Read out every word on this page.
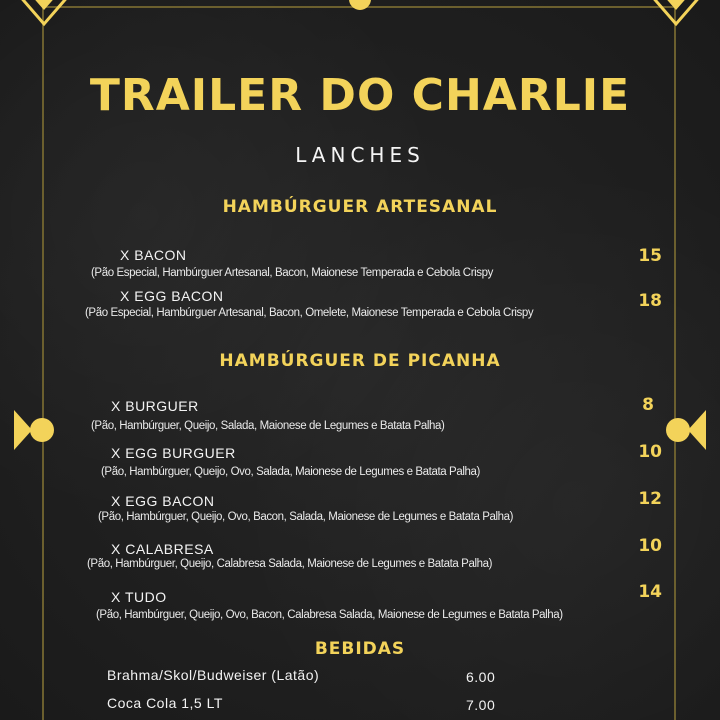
TRAILER DO CHARLIE
LANCHES
HAMBÚRGUER ARTESANAL
X BACON
(Pão Especial, Hambúrguer Artesanal, Bacon, Maionese Temperada e Cebola Crispy
15
X EGG BACON
(Pão Especial, Hambúrguer Artesanal, Bacon, Omelete, Maionese Temperada e Cebola Crispy
18
HAMBÚRGUER DE PICANHA
X BURGUER
(Pão, Hambúrguer, Queijo, Salada, Maionese de Legumes e Batata Palha)
8
X EGG BURGUER
(Pão, Hambúrguer, Queijo, Ovo, Salada, Maionese de Legumes e Batata Palha)
10
X EGG BACON
(Pão, Hambúrguer, Queijo, Ovo, Bacon, Salada, Maionese de Legumes e Batata Palha)
12
X CALABRESA
(Pão, Hambúrguer, Queijo, Calabresa Salada, Maionese de Legumes e Batata Palha)
10
X TUDO
(Pão, Hambúrguer, Queijo, Ovo, Bacon, Calabresa Salada, Maionese de Legumes e Batata Palha)
14
BEBIDAS
Brahma/Skol/Budweiser (Latão)	6.00
Coca Cola 1,5 LT	7.00
